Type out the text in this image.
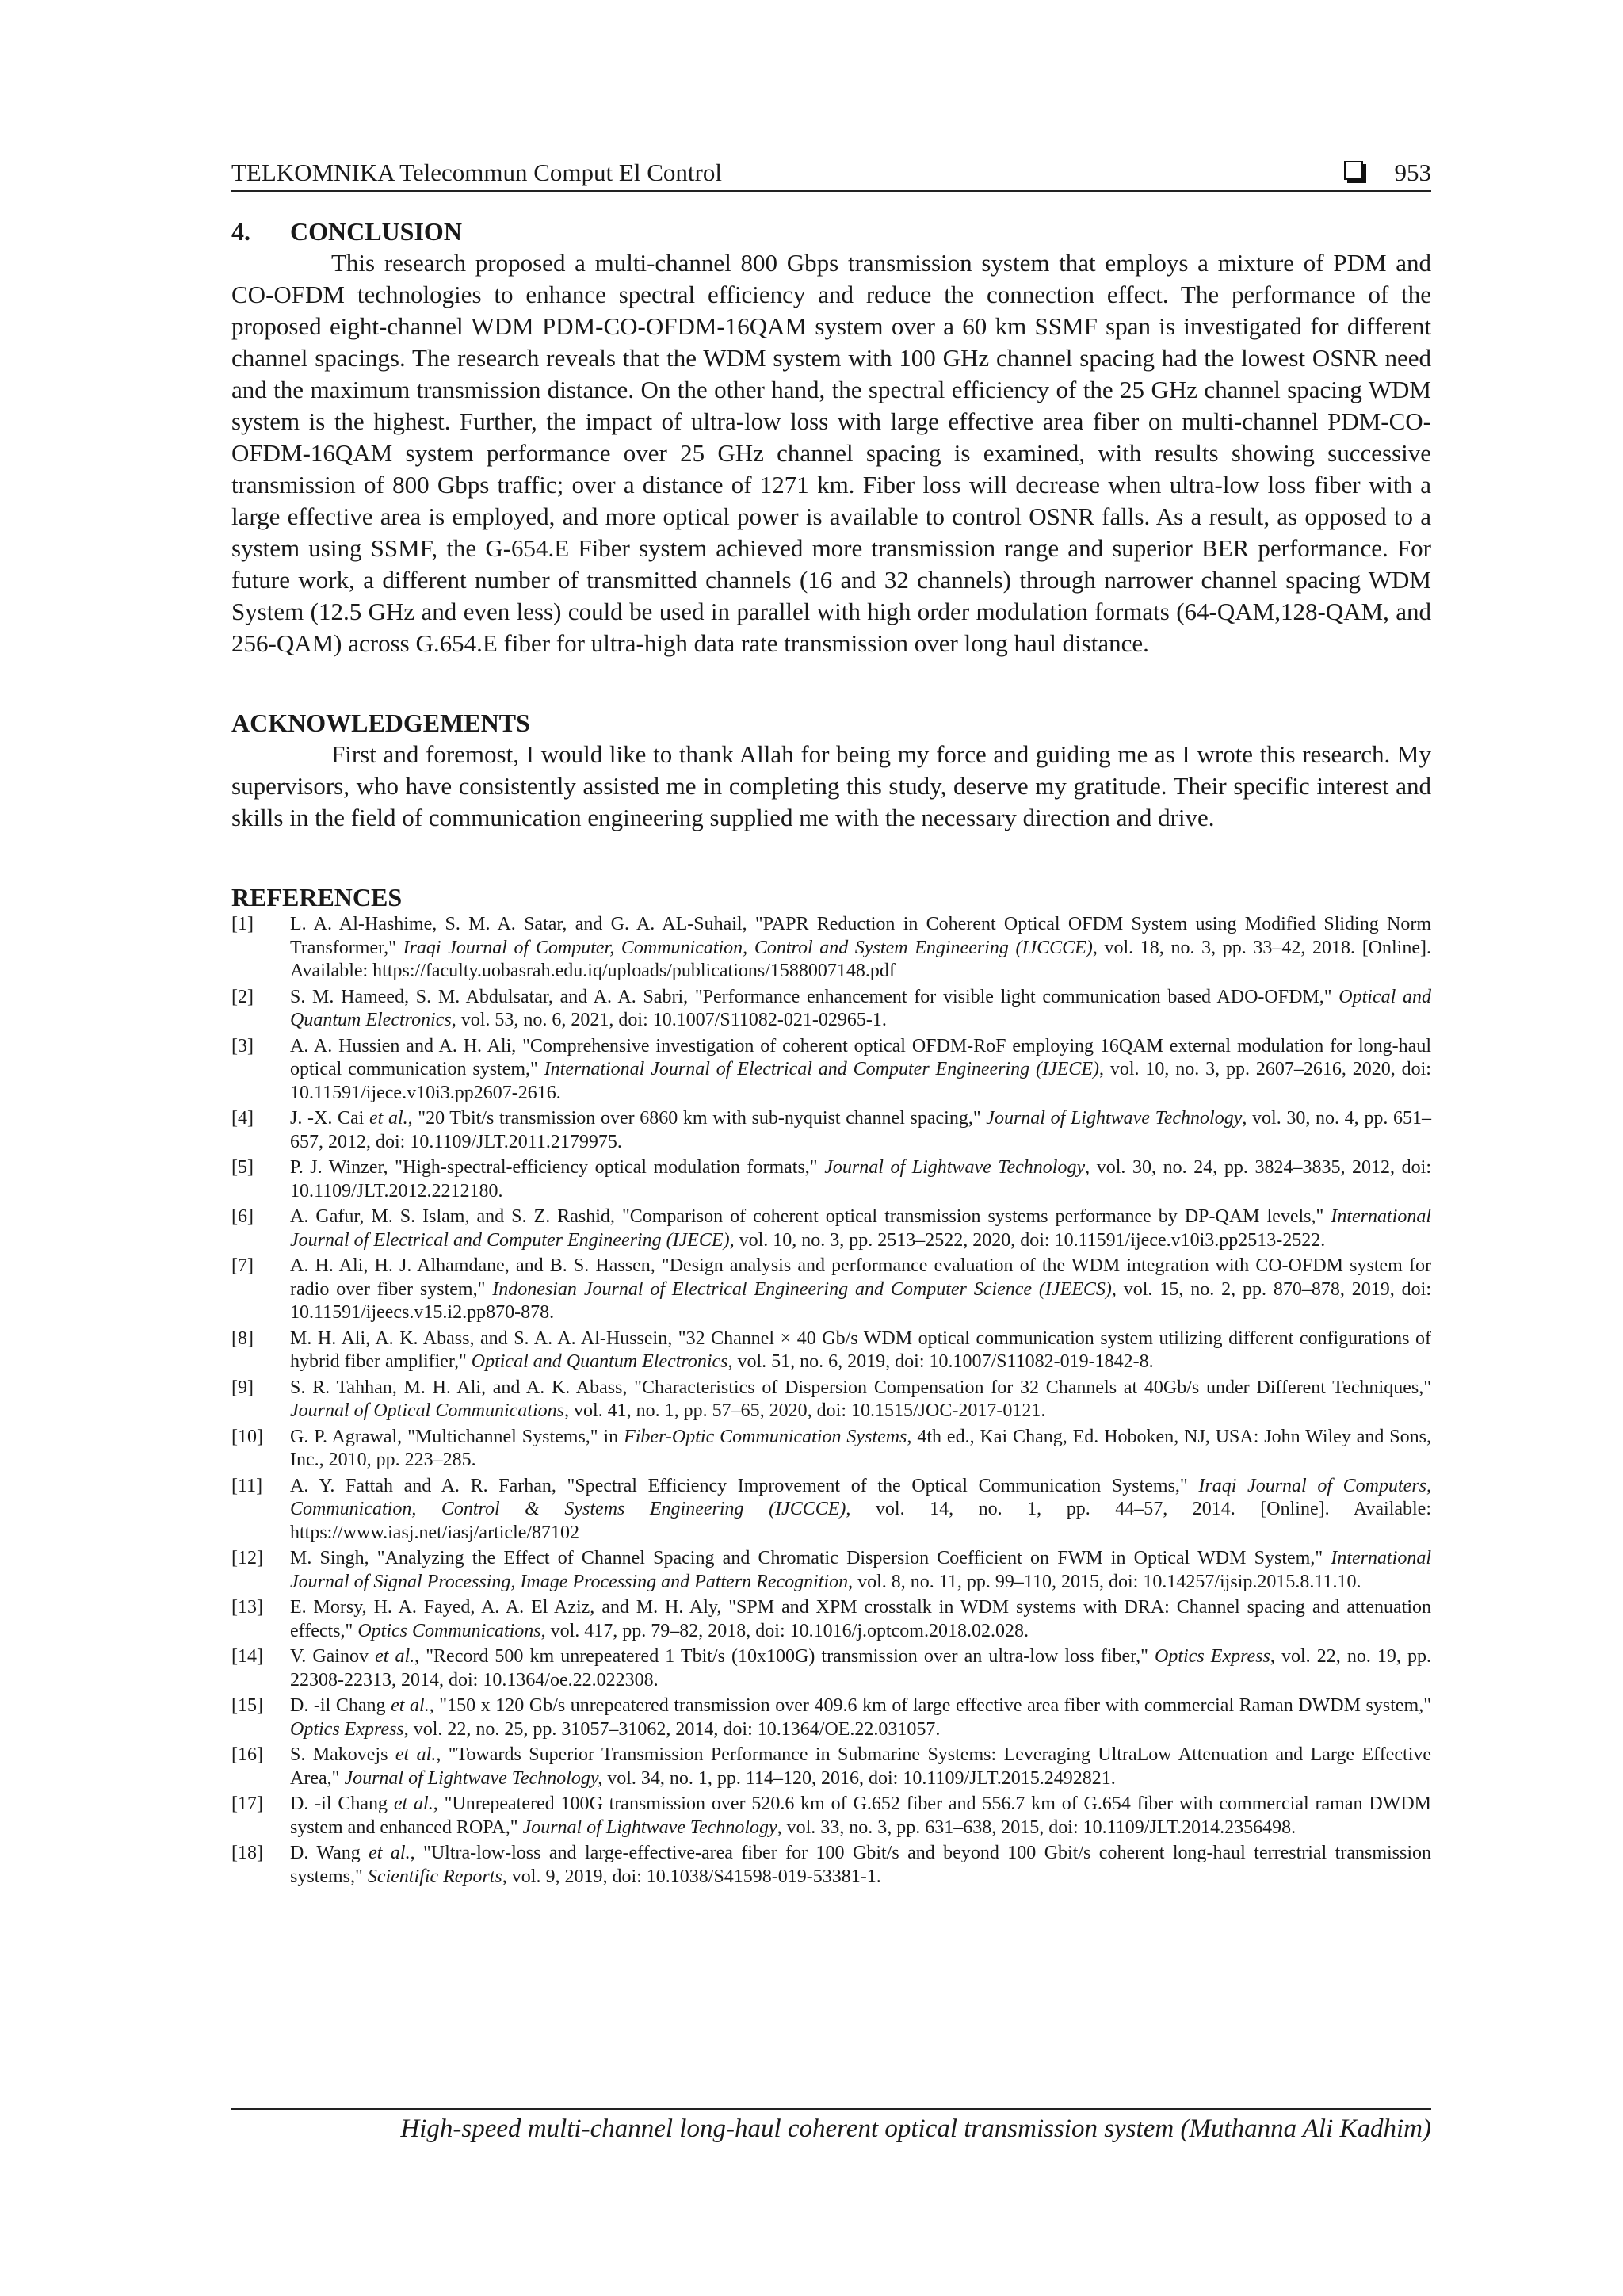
TELKOMNIKA Telecommun Comput El Control	953
4. CONCLUSION

This research proposed a multi-channel 800 Gbps transmission system that employs a mixture of PDM and CO-OFDM technologies to enhance spectral efficiency and reduce the connection effect. The performance of the proposed eight-channel WDM PDM-CO-OFDM-16QAM system over a 60 km SSMF span is investigated for different channel spacings. The research reveals that the WDM system with 100 GHz channel spacing had the lowest OSNR need and the maximum transmission distance. On the other hand, the spectral efficiency of the 25 GHz channel spacing WDM system is the highest. Further, the impact of ultra-low loss with large effective area fiber on multi-channel PDM-CO-OFDM-16QAM system performance over 25 GHz channel spacing is examined, with results showing successive transmission of 800 Gbps traffic; over a distance of 1271 km. Fiber loss will decrease when ultra-low loss fiber with a large effective area is employed, and more optical power is available to control OSNR falls. As a result, as opposed to a system using SSMF, the G-654.E Fiber system achieved more transmission range and superior BER performance. For future work, a different number of transmitted channels (16 and 32 channels) through narrower channel spacing WDM System (12.5 GHz and even less) could be used in parallel with high order modulation formats (64-QAM,128-QAM, and 256-QAM) across G.654.E fiber for ultra-high data rate transmission over long haul distance.

ACKNOWLEDGEMENTS

First and foremost, I would like to thank Allah for being my force and guiding me as I wrote this research. My supervisors, who have consistently assisted me in completing this study, deserve my gratitude. Their specific interest and skills in the field of communication engineering supplied me with the necessary direction and drive.

REFERENCES
[1]	L. A. Al-Hashime, S. M. A. Satar, and G. A. AL-Suhail, "PAPR Reduction in Coherent Optical OFDM System using Modified Sliding Norm Transformer," Iraqi Journal of Computer, Communication, Control and System Engineering (IJCCCE), vol. 18, no. 3, pp. 33–42, 2018. [Online]. Available: https://faculty.uobasrah.edu.iq/uploads/publications/1588007148.pdf
[2]	S. M. Hameed, S. M. Abdulsatar, and A. A. Sabri, "Performance enhancement for visible light communication based ADO-OFDM," Optical and Quantum Electronics, vol. 53, no. 6, 2021, doi: 10.1007/S11082-021-02965-1.
[3]	A. A. Hussien and A. H. Ali, "Comprehensive investigation of coherent optical OFDM-RoF employing 16QAM external modulation for long-haul optical communication system," International Journal of Electrical and Computer Engineering (IJECE), vol. 10, no. 3, pp. 2607–2616, 2020, doi: 10.11591/ijece.v10i3.pp2607-2616.
[4]	J. -X. Cai et al., "20 Tbit/s transmission over 6860 km with sub-nyquist channel spacing," Journal of Lightwave Technology, vol. 30, no. 4, pp. 651–657, 2012, doi: 10.1109/JLT.2011.2179975.
[5]	P. J. Winzer, "High-spectral-efficiency optical modulation formats," Journal of Lightwave Technology, vol. 30, no. 24, pp. 3824–3835, 2012, doi: 10.1109/JLT.2012.2212180.
[6]	A. Gafur, M. S. Islam, and S. Z. Rashid, "Comparison of coherent optical transmission systems performance by DP-QAM levels," International Journal of Electrical and Computer Engineering (IJECE), vol. 10, no. 3, pp. 2513–2522, 2020, doi: 10.11591/ijece.v10i3.pp2513-2522.
[7]	A. H. Ali, H. J. Alhamdane, and B. S. Hassen, "Design analysis and performance evaluation of the WDM integration with CO-OFDM system for radio over fiber system," Indonesian Journal of Electrical Engineering and Computer Science (IJEECS), vol. 15, no. 2, pp. 870–878, 2019, doi: 10.11591/ijeecs.v15.i2.pp870-878.
[8]	M. H. Ali, A. K. Abass, and S. A. A. Al-Hussein, "32 Channel × 40 Gb/s WDM optical communication system utilizing different configurations of hybrid fiber amplifier," Optical and Quantum Electronics, vol. 51, no. 6, 2019, doi: 10.1007/S11082-019-1842-8.
[9]	S. R. Tahhan, M. H. Ali, and A. K. Abass, "Characteristics of Dispersion Compensation for 32 Channels at 40Gb/s under Different Techniques," Journal of Optical Communications, vol. 41, no. 1, pp. 57–65, 2020, doi: 10.1515/JOC-2017-0121.
[10]	G. P. Agrawal, "Multichannel Systems," in Fiber-Optic Communication Systems, 4th ed., Kai Chang, Ed. Hoboken, NJ, USA: John Wiley and Sons, Inc., 2010, pp. 223–285.
[11]	A. Y. Fattah and A. R. Farhan, "Spectral Efficiency Improvement of the Optical Communication Systems," Iraqi Journal of Computers, Communication, Control & Systems Engineering (IJCCCE), vol. 14, no. 1, pp. 44–57, 2014. [Online]. Available: https://www.iasj.net/iasj/article/87102
[12]	M. Singh, "Analyzing the Effect of Channel Spacing and Chromatic Dispersion Coefficient on FWM in Optical WDM System," International Journal of Signal Processing, Image Processing and Pattern Recognition, vol. 8, no. 11, pp. 99–110, 2015, doi: 10.14257/ijsip.2015.8.11.10.
[13]	E. Morsy, H. A. Fayed, A. A. El Aziz, and M. H. Aly, "SPM and XPM crosstalk in WDM systems with DRA: Channel spacing and attenuation effects," Optics Communications, vol. 417, pp. 79–82, 2018, doi: 10.1016/j.optcom.2018.02.028.
[14]	V. Gainov et al., "Record 500 km unrepeatered 1 Tbit/s (10x100G) transmission over an ultra-low loss fiber," Optics Express, vol. 22, no. 19, pp. 22308-22313, 2014, doi: 10.1364/oe.22.022308.
[15]	D. -il Chang et al., "150 x 120 Gb/s unrepeatered transmission over 409.6 km of large effective area fiber with commercial Raman DWDM system," Optics Express, vol. 22, no. 25, pp. 31057–31062, 2014, doi: 10.1364/OE.22.031057.
[16]	S. Makovejs et al., "Towards Superior Transmission Performance in Submarine Systems: Leveraging UltraLow Attenuation and Large Effective Area," Journal of Lightwave Technology, vol. 34, no. 1, pp. 114–120, 2016, doi: 10.1109/JLT.2015.2492821.
[17]	D. -il Chang et al., "Unrepeatered 100G transmission over 520.6 km of G.652 fiber and 556.7 km of G.654 fiber with commercial raman DWDM system and enhanced ROPA," Journal of Lightwave Technology, vol. 33, no. 3, pp. 631–638, 2015, doi: 10.1109/JLT.2014.2356498.
[18]	D. Wang et al., "Ultra-low-loss and large-effective-area fiber for 100 Gbit/s and beyond 100 Gbit/s coherent long-haul terrestrial transmission systems," Scientific Reports, vol. 9, 2019, doi: 10.1038/S41598-019-53381-1.
High-speed multi-channel long-haul coherent optical transmission system (Muthanna Ali Kadhim)
